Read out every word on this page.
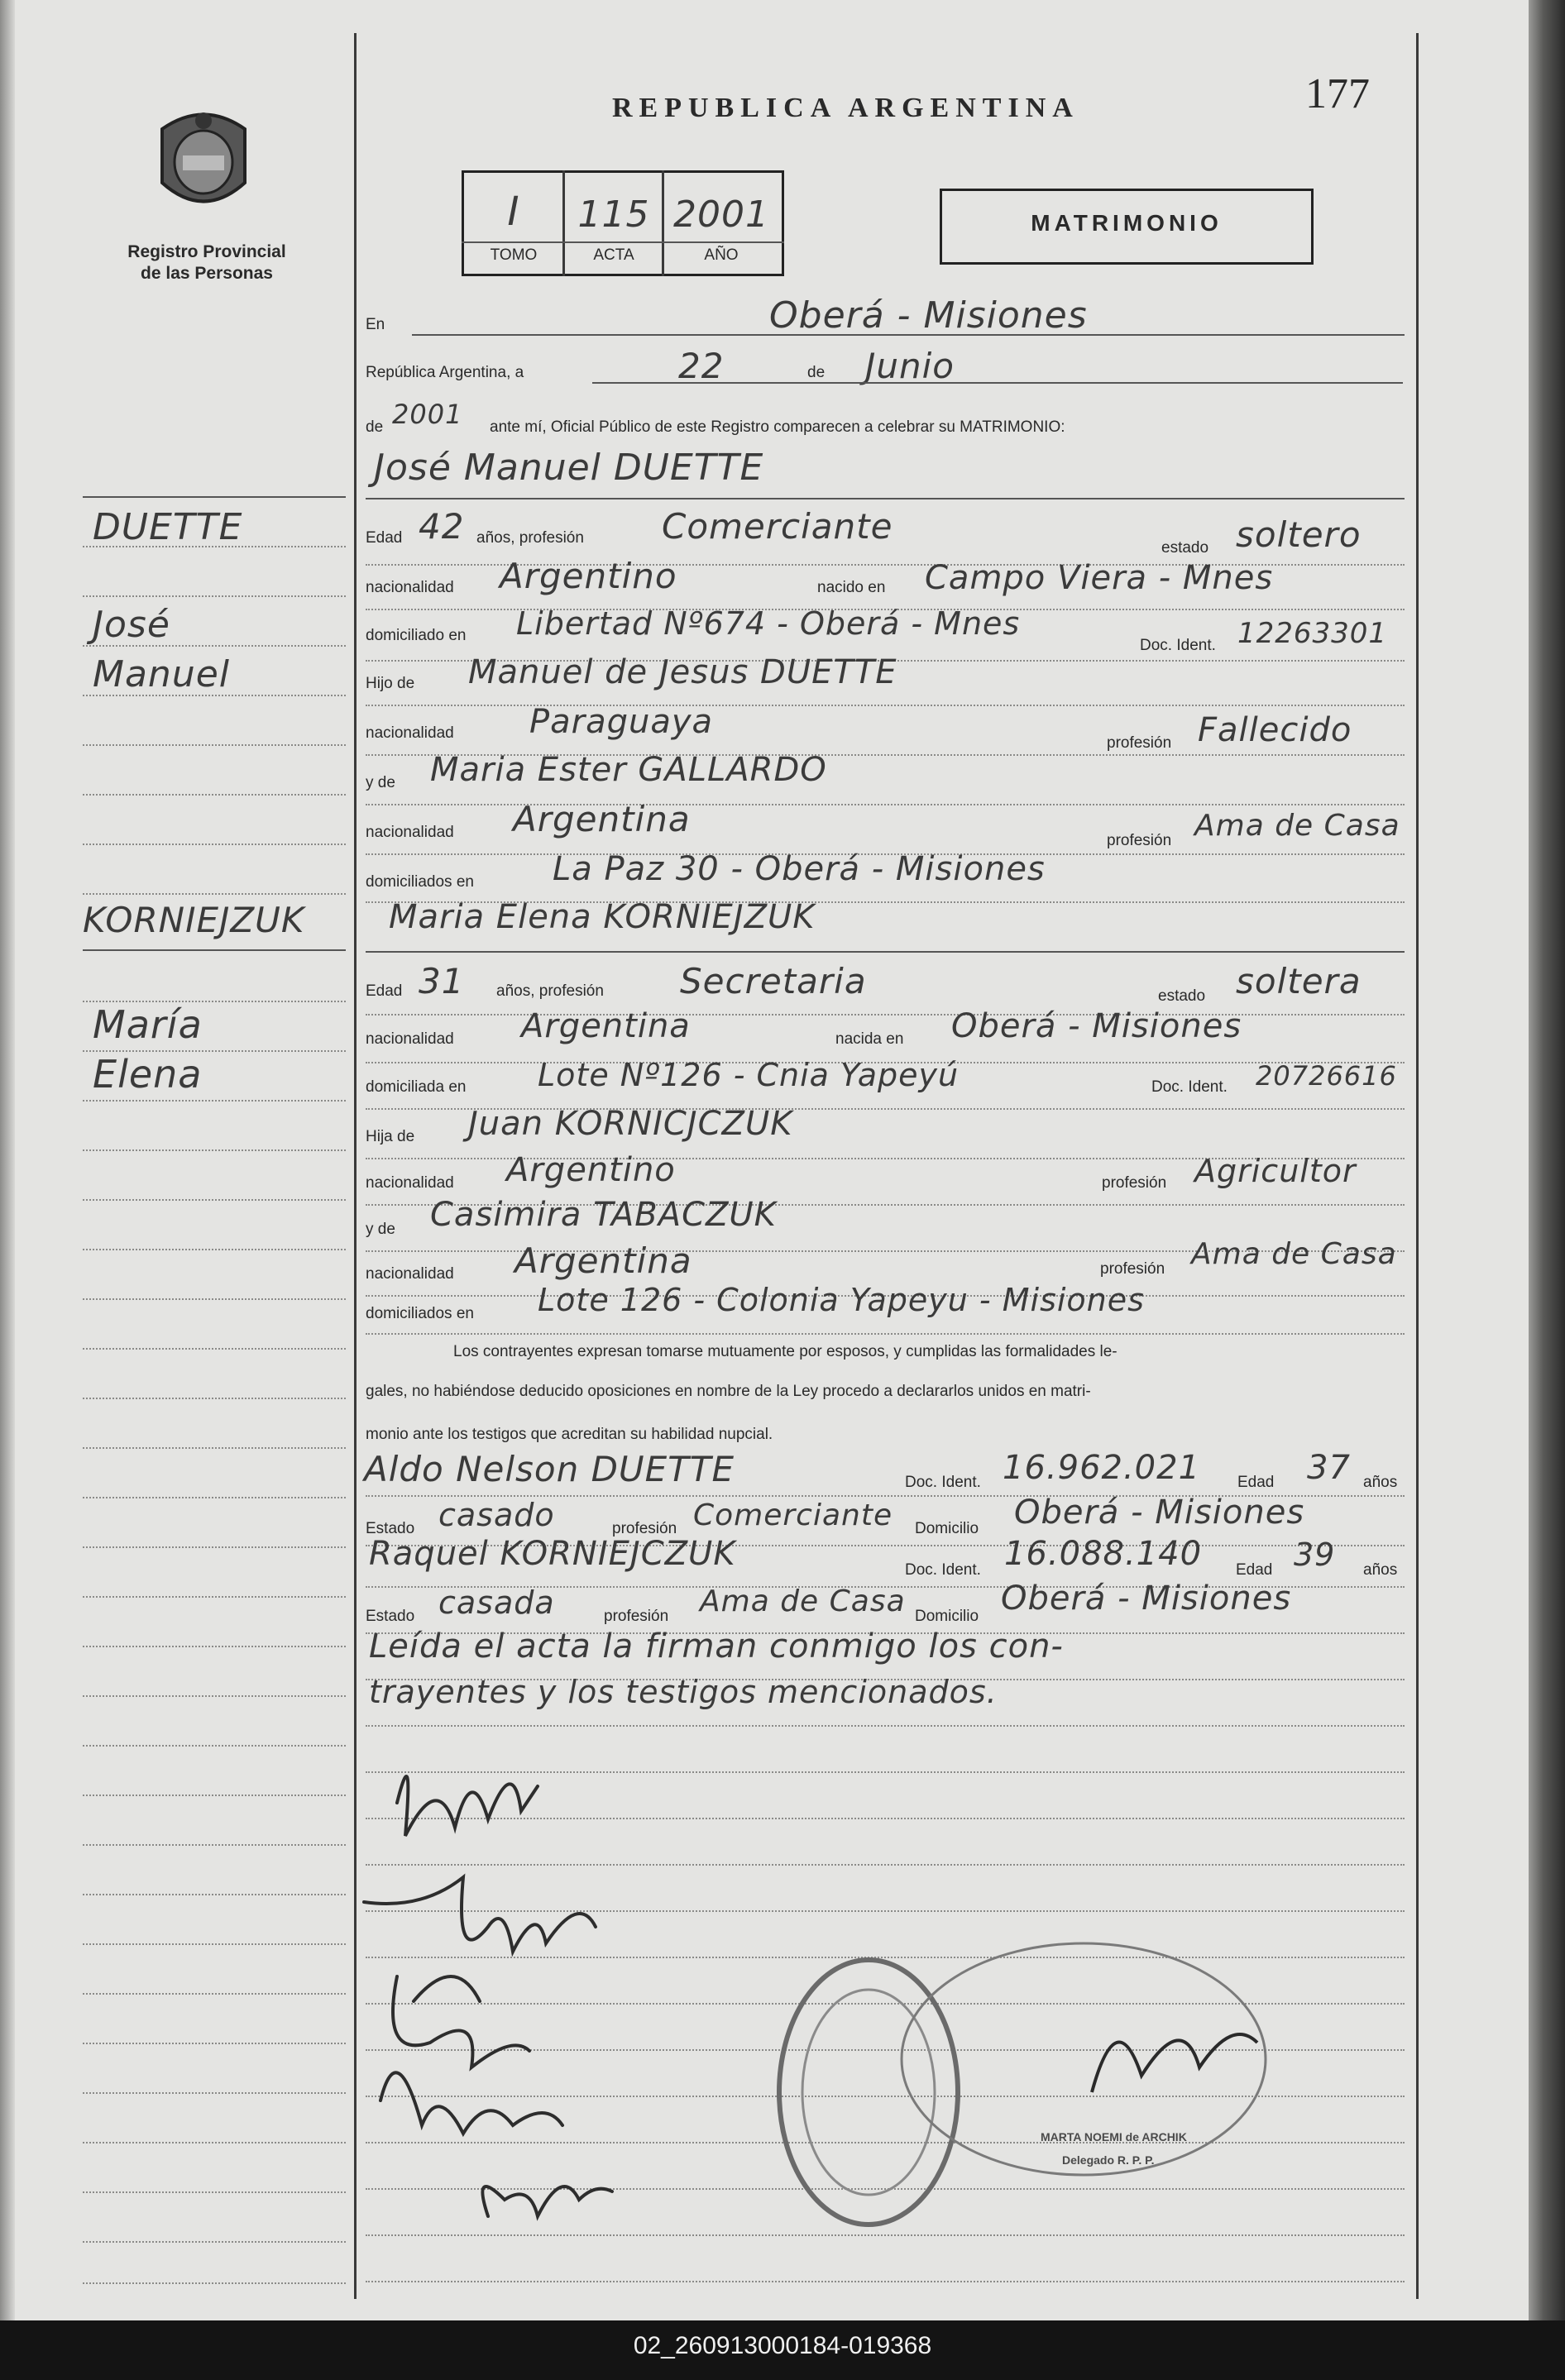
Registro Provincial
de las Personas
REPUBLICA ARGENTINA	177
I	115 2001
TOMO	ACTA	AÑO
MATRIMONIO
DUETTE
José
Manuel
KORNIEJZUK
María
Elena
En	Oberá - Misiones
República Argentina, a	22	de Junio
de 2001 ante mí, Oficial Público de este Registro comparecen a celebrar su MATRIMONIO:
José Manuel DUETTE
Edad 42 años, profesión Comerciante
estado soltero
nacionalidad Argentino	nacido en Campo Viera - Mnes
domiciliado en Libertad Nº674 - Oberá - Mnes
Doc. Ident. 12263301
Hijo de Manuel de Jesus DUETTE
nacionalidad Paraguaya
profesión Fallecido
y de Maria Ester GALLARDO
nacionalidad Argentina
profesión Ama de Casa
domiciliados en La Paz 30 - Oberá - Misiones
Maria Elena KORNIEJZUK
Edad 31 años, profesión Secretaria	estado soltera
nacionalidad Argentina	nacida en Oberá - Misiones
domiciliada en Lote Nº126 - Cnia Yapeyú	Doc. Ident. 20726616
Hija de Juan KORNICJCZUK
nacionalidad Argentino	profesión Agricultor
y de Casimira TABACZUK
nacionalidad Argentina	profesión Ama de Casa
domiciliados en Lote 126 - Colonia Yapeyu - Misiones
Los contrayentes expresan tomarse mutuamente por esposos, y cumplidas las formalidades le-
gales, no habiéndose deducido oposiciones en nombre de la Ley procedo a declararlos unidos en matri-
monio ante los testigos que acreditan su habilidad nupcial.
Aldo Nelson DUETTE	Doc. Ident. 16.962.021 Edad 37 años
Estado casado	profesión Comerciante Domicilio Oberá - Misiones
Raquel KORNIEJCZUK	Doc. Ident. 16.088.140 Edad 39 años
Estado casada	profesión Ama de Casa Domicilio Oberá - Misiones
Leída el acta la firman conmigo los con-
trayentes y los testigos mencionados.
MARTA NOEMI de ARCHIK
Delegado R. P. P.
02_260913000184-019368
